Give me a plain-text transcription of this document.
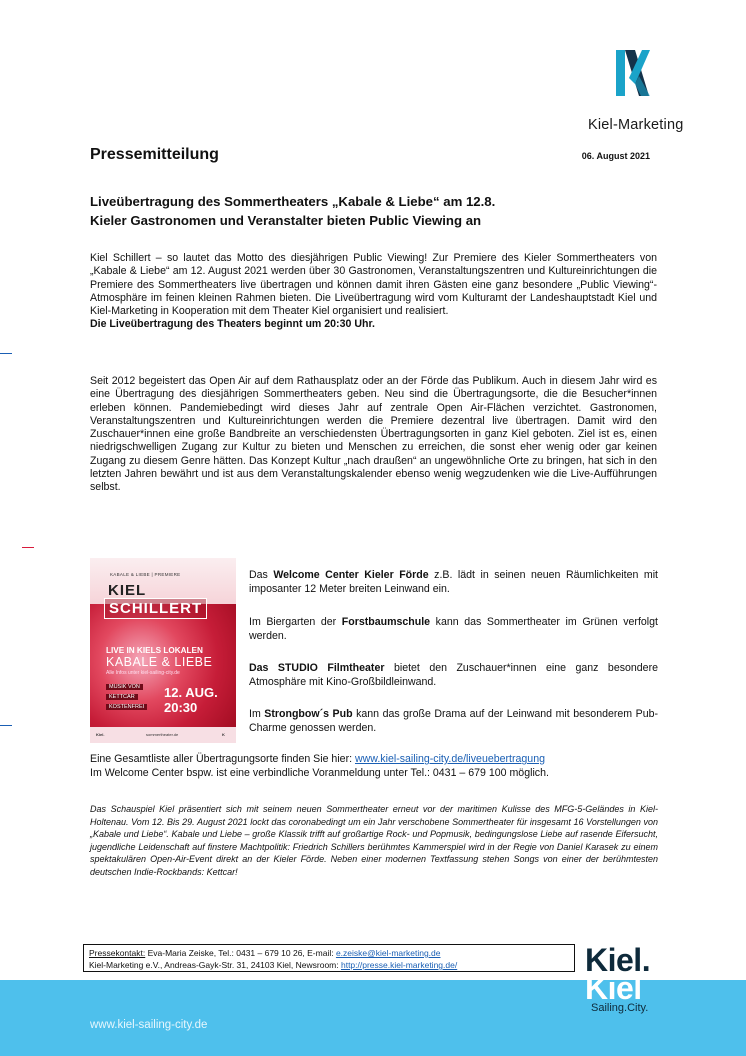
Kiel-Marketing
Pressemitteilung	06. August 2021
Liveübertragung des Sommertheaters „Kabale & Liebe“ am 12.8.
Kieler Gastronomen und Veranstalter bieten Public Viewing an
Kiel Schillert – so lautet das Motto des diesjährigen Public Viewing! Zur Premiere des Kieler Sommertheaters von „Kabale & Liebe“ am 12. August 2021 werden über 30 Gastronomen, Veranstaltungszentren und Kultureinrichtungen die Premiere des Sommertheaters live übertragen und können damit ihren Gästen eine ganz besondere „Public Viewing“-Atmosphäre im feinen kleinen Rahmen bieten. Die Liveübertragung wird vom Kulturamt der Landeshauptstadt Kiel und Kiel-Marketing in Kooperation mit dem Theater Kiel organisiert und realisiert.
Die Liveübertragung des Theaters beginnt um 20:30 Uhr.
Seit 2012 begeistert das Open Air auf dem Rathausplatz oder an der Förde das Publikum. Auch in diesem Jahr wird es eine Übertragung des diesjährigen Sommertheaters geben. Neu sind die Übertragungsorte, die die Besucher*innen erleben können. Pandemiebedingt wird dieses Jahr auf zentrale Open Air-Flächen verzichtet. Gastronomen, Veranstaltungszentren und Kultureinrichtungen werden die Premiere dezentral live übertragen. Damit wird den Zuschauer*innen eine große Bandbreite an verschiedensten Übertragungsorten in ganz Kiel geboten. Ziel ist es, einen niedrigschwelligen Zugang zur Kultur zu bieten und Menschen zu erreichen, die sonst eher wenig oder gar keinen Zugang zu diesem Genre hätten. Das Konzept Kultur „nach draußen“ an ungewöhnliche Orte zu bringen, hat sich in den letzten Jahren bewährt und ist aus dem Veranstaltungskalender ebenso wenig wegzudenken wie die Live-Aufführungen selbst.
KABALE & LIEBE | PREMIERE
KIEL
SCHILLERT
LIVE IN KIELS LOKALEN
KABALE & LIEBE
Alle Infos unter kiel-sailing-city.de
MUSIK VON
KETTCAR
KOSTENFREI
12. AUG.
20:30
Kiel.	sommertheater.de	K
Das Welcome Center Kieler Förde z.B. lädt in seinen neuen Räumlichkeiten mit imposanter 12 Meter breiten Leinwand ein.
Im Biergarten der Forstbaumschule kann das Sommertheater im Grünen verfolgt werden.
Das STUDIO Filmtheater bietet den Zuschauer*innen eine ganz besondere Atmosphäre mit Kino-Großbildleinwand.
Im Strongbow´s Pub kann das große Drama auf der Leinwand mit besonderem Pub-Charme genossen werden.
Eine Gesamtliste aller Übertragungsorte finden Sie hier: www.kiel-sailing-city.de/liveuebertragung
Im Welcome Center bspw. ist eine verbindliche Voranmeldung unter Tel.: 0431 – 679 100 möglich.
Das Schauspiel Kiel präsentiert sich mit seinem neuen Sommertheater erneut vor der maritimen Kulisse des MFG-5-Geländes in Kiel-Holtenau. Vom 12. Bis 29. August 2021 lockt das coronabedingt um ein Jahr verschobene Sommertheater für insgesamt 16 Vorstellungen von „Kabale und Liebe“. Kabale und Liebe – große Klassik trifft auf großartige Rock- und Popmusik, bedingungslose Liebe auf rasende Eifersucht, jugendliche Leidenschaft auf finstere Machtpolitik: Friedrich Schillers berühmtes Kammerspiel wird in der Regie von Daniel Karasek zu einem spektakulären Open-Air-Event direkt an der Kieler Förde. Neben einer modernen Textfassung stehen Songs von einer der berühmtesten deutschen Indie-Rockbands: Kettcar!
Pressekontakt: Eva-Maria Zeiske, Tel.: 0431 – 679 10 26, E-mail: e.zeiske@kiel-marketing.de
Kiel-Marketing e.V., Andreas-Gayk-Str. 31, 24103 Kiel, Newsroom: http://presse.kiel-marketing.de/
www.kiel-sailing-city.de
Kiel.
Kiel
Sailing.City.
